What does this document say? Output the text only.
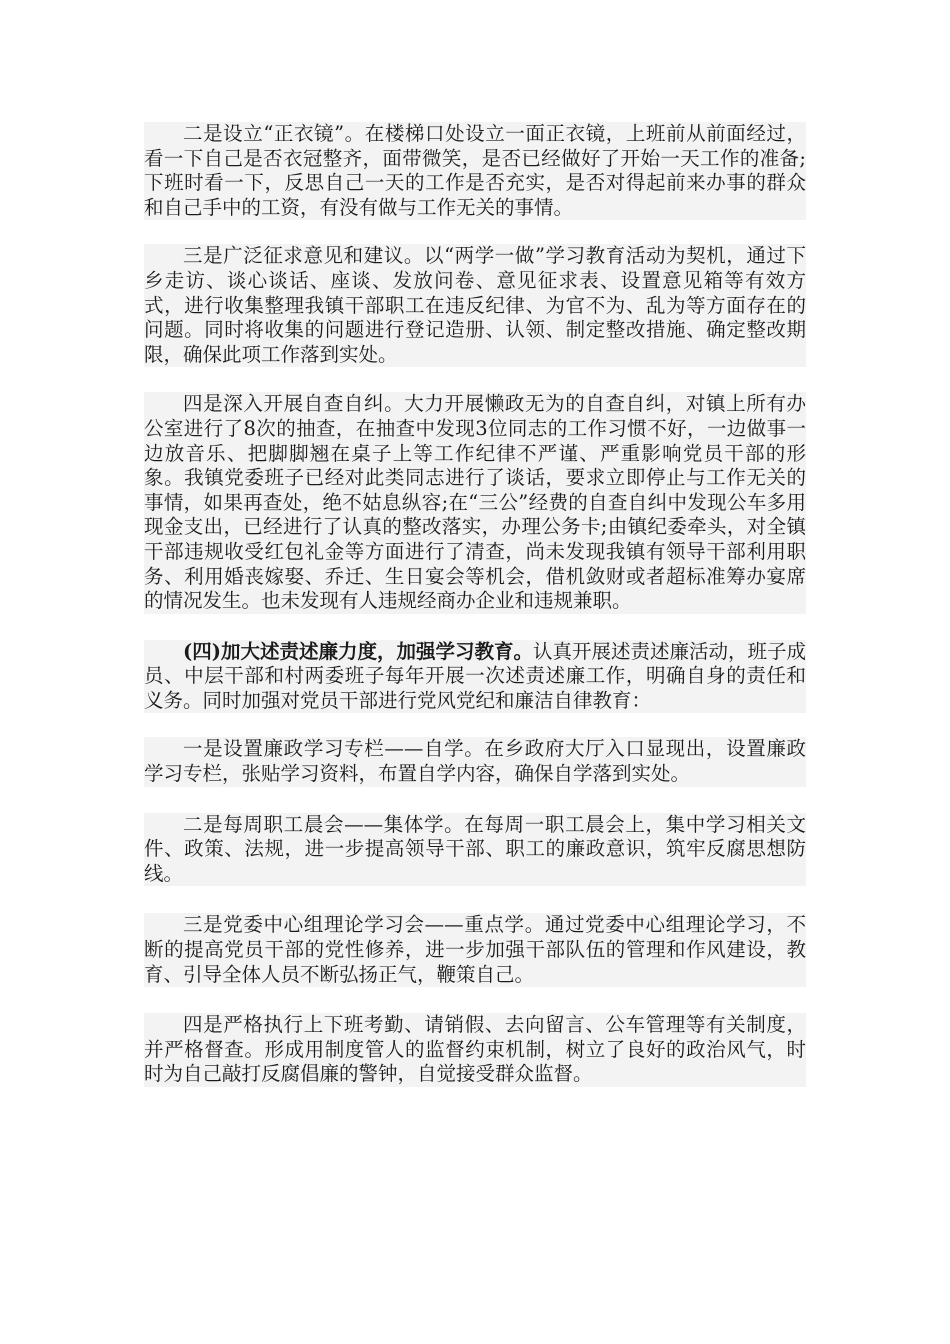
二是设立“正衣镜”。在楼梯口处设立一面正衣镜，上班前从前面经过，看一下自己是否衣冠整齐，面带微笑，是否已经做好了开始一天工作的准备;下班时看一下，反思自己一天的工作是否充实，是否对得起前来办事的群众和自己手中的工资，有没有做与工作无关的事情。

三是广泛征求意见和建议。以“两学一做”学习教育活动为契机，通过下乡走访、谈心谈话、座谈、发放问卷、意见征求表、设置意见箱等有效方式，进行收集整理我镇干部职工在违反纪律、为官不为、乱为等方面存在的问题。同时将收集的问题进行登记造册、认领、制定整改措施、确定整改期限，确保此项工作落到实处。

四是深入开展自查自纠。大力开展懒政无为的自查自纠，对镇上所有办公室进行了8次的抽查，在抽查中发现3位同志的工作习惯不好，一边做事一边放音乐、把脚脚翘在桌子上等工作纪律不严谨、严重影响党员干部的形象。我镇党委班子已经对此类同志进行了谈话，要求立即停止与工作无关的事情，如果再查处，绝不姑息纵容;在“三公”经费的自查自纠中发现公车多用现金支出，已经进行了认真的整改落实，办理公务卡;由镇纪委牵头，对全镇干部违规收受红包礼金等方面进行了清查，尚未发现我镇有领导干部利用职务、利用婚丧嫁娶、乔迁、生日宴会等机会，借机敛财或者超标准筹办宴席的情况发生。也未发现有人违规经商办企业和违规兼职。

(四)加大述责述廉力度，加强学习教育。认真开展述责述廉活动，班子成员、中层干部和村两委班子每年开展一次述责述廉工作，明确自身的责任和义务。同时加强对党员干部进行党风党纪和廉洁自律教育：

一是设置廉政学习专栏——自学。在乡政府大厅入口显现出，设置廉政学习专栏，张贴学习资料，布置自学内容，确保自学落到实处。

二是每周职工晨会——集体学。在每周一职工晨会上，集中学习相关文件、政策、法规，进一步提高领导干部、职工的廉政意识，筑牢反腐思想防线。

三是党委中心组理论学习会——重点学。通过党委中心组理论学习，不断的提高党员干部的党性修养，进一步加强干部队伍的管理和作风建设，教育、引导全体人员不断弘扬正气，鞭策自己。

四是严格执行上下班考勤、请销假、去向留言、公车管理等有关制度，并严格督查。形成用制度管人的监督约束机制，树立了良好的政治风气，时时为自己敲打反腐倡廉的警钟，自觉接受群众监督。
